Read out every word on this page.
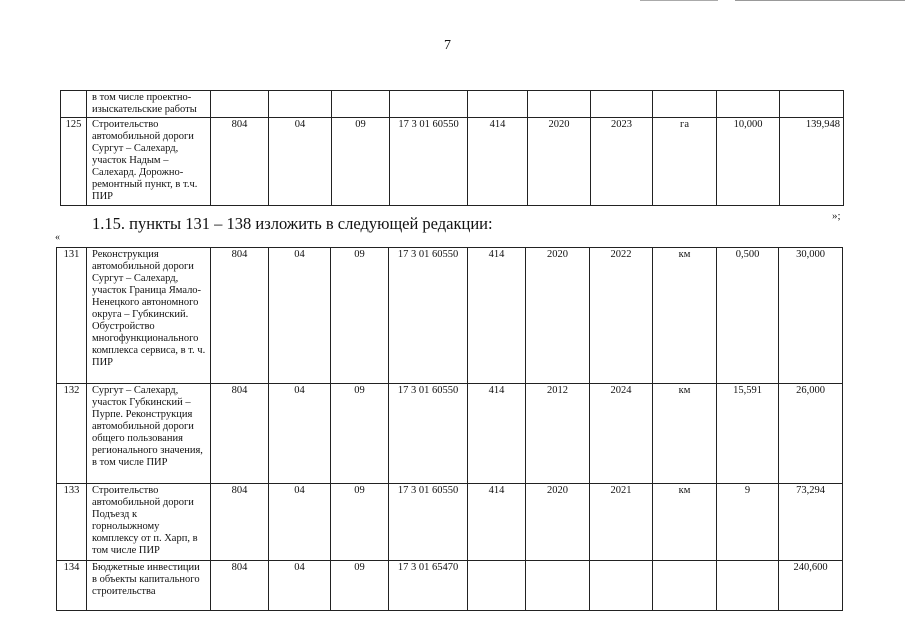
7
	в том числе проектно-изыскательские работы										
125	Строительство автомобильной дороги Сургут – Салехард, участок Надым – Салехард. Дорожно-ремонтный пункт, в т.ч. ПИР	804	04	09	17 3 01 60550	414	2020	2023	га	10,000	139,948
»;
1.15. пункты 131 – 138 изложить в следующей редакции:
«
131	Реконструкция автомобильной дороги Сургут – Салехард, участок Граница Ямало-Ненецкого автономного округа – Губкинский. Обустройство многофункционального комплекса сервиса, в т. ч. ПИР	804	04	09	17 3 01 60550	414	2020	2022	км	0,500	30,000
132	Сургут – Салехард, участок Губкинский – Пурпе. Реконструкция автомобильной дороги общего пользования регионального значения, в том числе ПИР	804	04	09	17 3 01 60550	414	2012	2024	км	15,591	26,000
133	Строительство автомобильной дороги Подъезд к горнолыжному комплексу от п. Харп, в том числе ПИР	804	04	09	17 3 01 60550	414	2020	2021	км	9	73,294
134	Бюджетные инвестиции в объекты капитального строительства	804	04	09	17 3 01 65470						240,600
